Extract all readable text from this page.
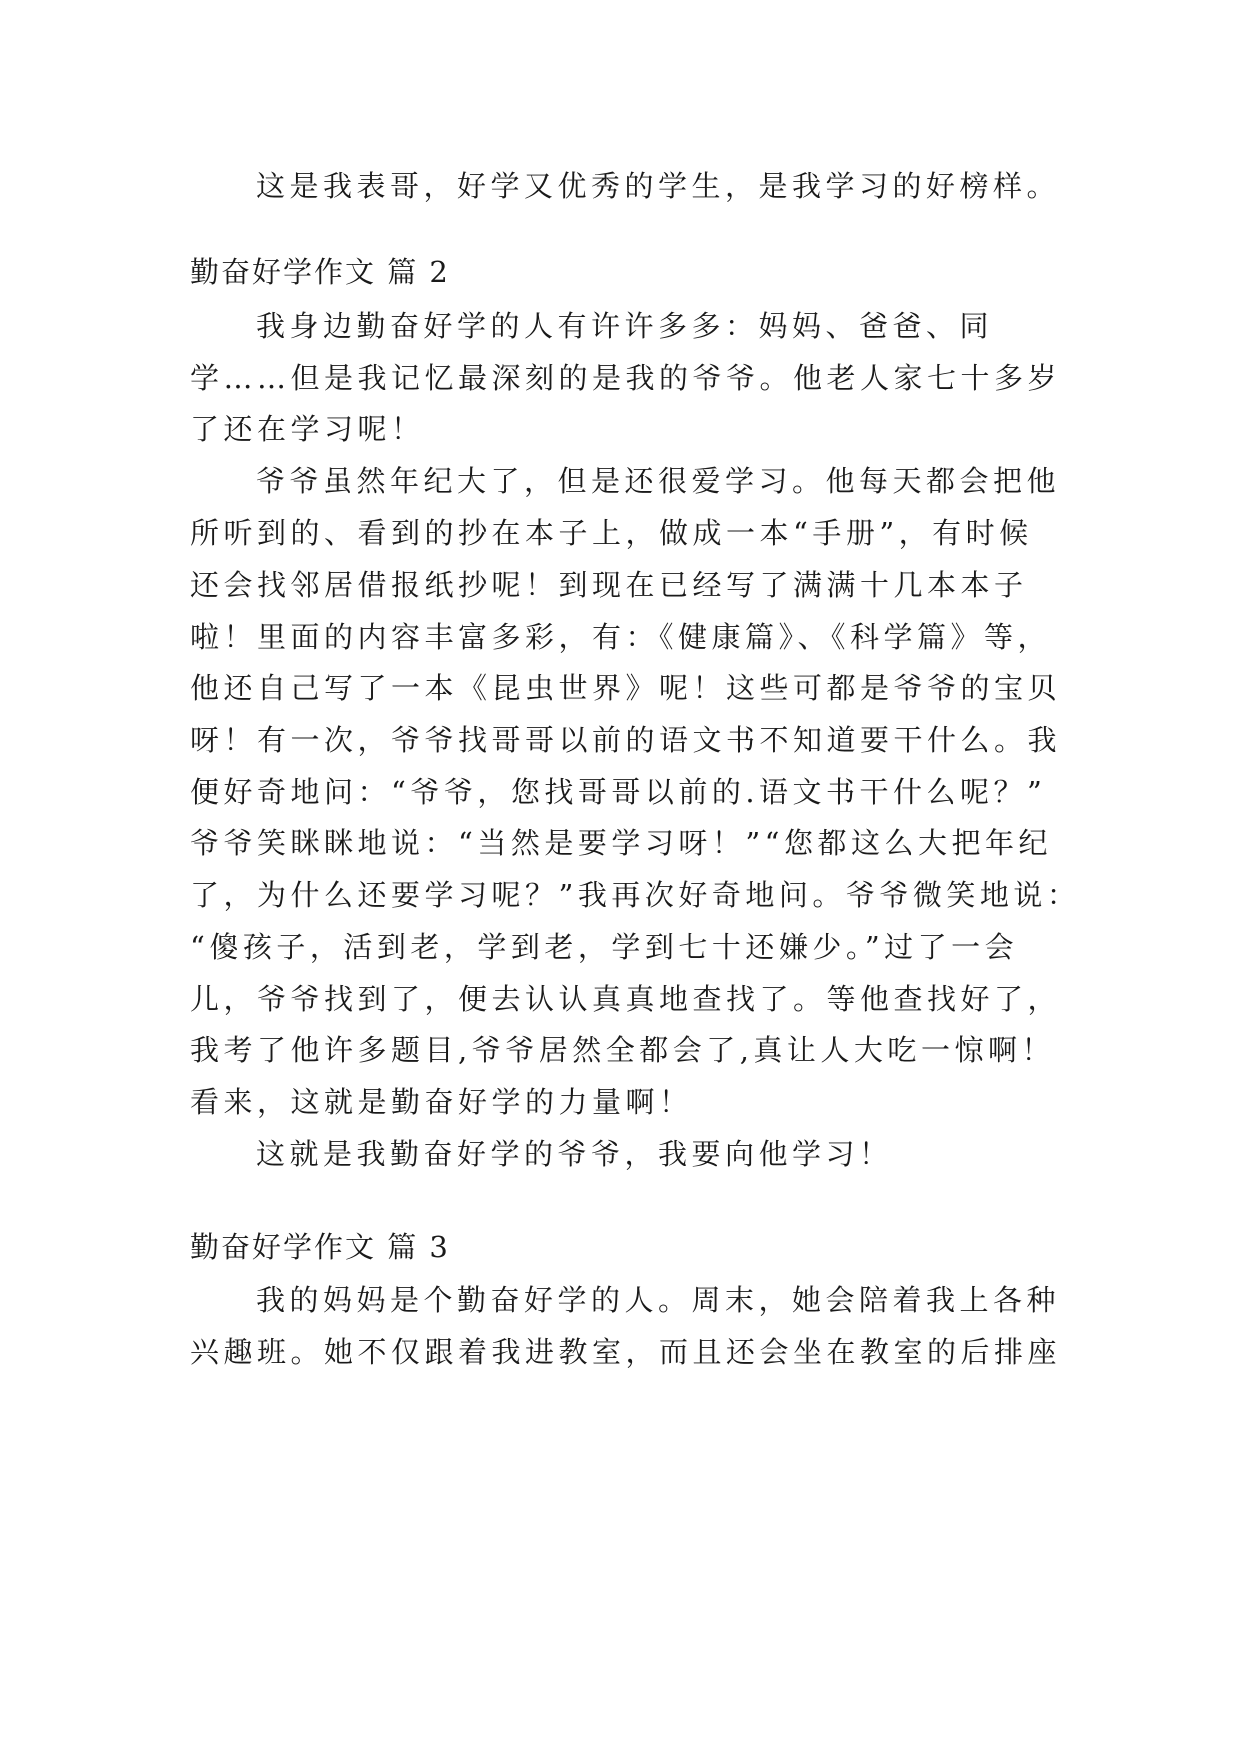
这是我表哥，好学又优秀的学生，是我学习的好榜样。
勤奋好学作文 篇 2
我身边勤奋好学的人有许许多多：妈妈、爸爸、同
学……但是我记忆最深刻的是我的爷爷。他老人家七十多岁
了还在学习呢！
爷爷虽然年纪大了，但是还很爱学习。他每天都会把他
所听到的、看到的抄在本子上，做成一本“手册”，有时候
还会找邻居借报纸抄呢！到现在已经写了满满十几本本子
啦！里面的内容丰富多彩，有：《健康篇》、《科学篇》等，
他还自己写了一本《昆虫世界》呢！这些可都是爷爷的宝贝
呀！有一次，爷爷找哥哥以前的语文书不知道要干什么。我
便好奇地问：“爷爷，您找哥哥以前的.语文书干什么呢？”
爷爷笑眯眯地说：“当然是要学习呀！”“您都这么大把年纪
了，为什么还要学习呢？”我再次好奇地问。爷爷微笑地说：
“傻孩子，活到老，学到老，学到七十还嫌少。”过了一会
儿，爷爷找到了，便去认认真真地查找了。等他查找好了，
我考了他许多题目,爷爷居然全都会了,真让人大吃一惊啊！
看来，这就是勤奋好学的力量啊！
这就是我勤奋好学的爷爷，我要向他学习！
勤奋好学作文 篇 3
我的妈妈是个勤奋好学的人。周末，她会陪着我上各种
兴趣班。她不仅跟着我进教室，而且还会坐在教室的后排座
